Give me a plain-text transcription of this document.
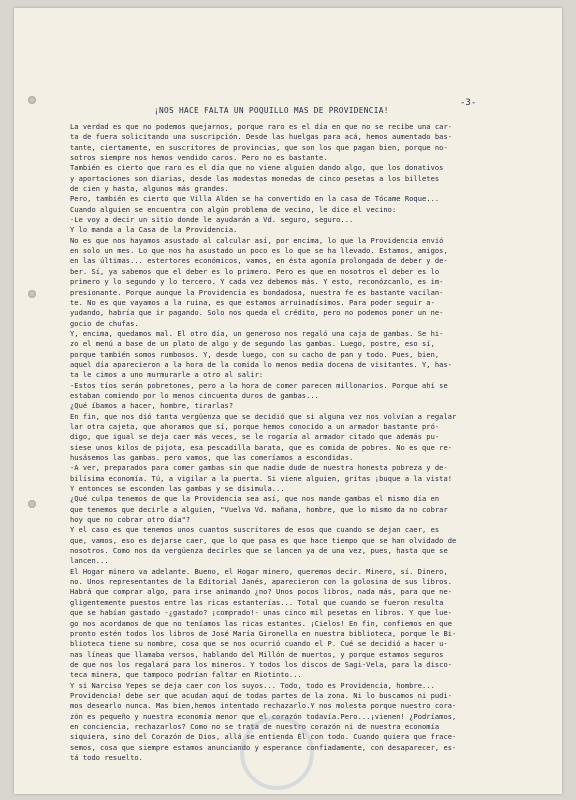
-3-
¡NOS HACE FALTA UN POQUILLO MAS DE PROVIDENCIA!
La verdad es que no podemos quejarnos, porque raro es el día en que no se recibe una car-
ta de fuera solicitando una suscripción. Desde las huelgas para acá, hemos aumentado bas-
tante, ciertamente, en suscritores de provincias, que son los que pagan bien, porque no-
sotros siempre nos hemos vendido caros. Pero no es bastante.
También es cierto que raro es el día que no viene alguien dando algo, que los donativos
y aportaciones son diarias, desde las modestas monedas de cinco pesetas a los billetes
de cien y hasta, algunos más grandes.
Pero, también es cierto que Villa Alden se ha convertido en la casa de Tócame Roque...
Cuando alguien se encuentra con algún problema de vecino, le dice el vecino:
-Le voy a decir un sitio donde le ayudarán a Vd. seguro, seguro...
Y lo manda a la Casa de la Providencia.
No es que nos hayamos asustado al calcular así, por encima, lo que la Providencia envió
en solo un mes. Lo que nos ha asustado un poco es lo que se ha llevado. Estamos, amigos,
en las últimas... estertores económicos, vamos, en ésta agonía prolongada de deber y de-
ber. Sí, ya sabemos que el deber es lo primero. Pero es que en nosotros el deber es lo
primero y lo segundo y lo tercero. Y cada vez debemos más. Y esto, reconózcanlo, es im-
presionante. Porque aunque la Providencia es bondadosa, nuestra fe es bastante vacilan-
te. No es que vayamos a la ruina, es que estamos arruinadísimos. Para poder seguir a-
yudando, habría que ir pagando. Solo nos queda el crédito, pero no podemos poner un ne-
gocio de chufas.
Y, encima, quedamos mal. El otro día, un generoso nos regaló una caja de gambas. Se hi-
zo el menú a base de un plato de algo y de segundo las gambas. Luego, postre, eso sí,
porque también somos rumbosos. Y, desde luego, con su cacho de pan y todo. Pues, bien,
aquel día aparecieron a la hora de la comida lo menos media docena de visitantes. Y, has-
ta le cimos a uno murmurarle a otro al salir:
-Estos tíos serán pobretones, pero a la hora de comer parecen millonarios. Porque ahí se
estaban comiendo por lo menos cincuenta duros de gambas...
¿Qué íbamos a hacer, hombre, tirarlas?
En fin, que nos dió tanta vergüenza que se decidió que si alguna vez nos volvían a regalar
lar otra cajeta, que ahoramos que sí, porque hemos conocido a un armador bastante pró-
digo, que igual se deja caer más veces, se le rogaría al armador citado que además pu-
siese unos kilos de pijota, esa pescadilla barata, que es comida de pobres. No es que re-
husásemos las gambas. pero vamos, que las comeríamos a escondidas.
-A ver, preparados para comer gambas sin que nadie dude de nuestra honesta pobreza y de-
bilísima economía. Tú, a vigilar a la puerta. Si viene alguien, gritas ¡buque a la vista!
Y entonces se esconden las gambas y se disimula...
¿Qué culpa tenemos de que la Providencia sea así, que nos mande gambas el mismo día en
que tenemos que decirle a alguien, "Vuelva Vd. mañana, hombre, que lo mismo da no cobrar
hoy que no cobrar otro día"?
Y el caso es que tenemos unos cuantos suscritores de esos que cuando se dejan caer, es
que, vamos, eso es dejarse caer, que lo que pasa es que hace tiempo que se han olvidado de
nosotros. Como nos da vergüenza decirles que se lancen ya de una vez, pues, hasta que se
lancen...
El Hogar minero va adelante. Bueno, el Hogar minero, queremos decir. Minero, sí. Dinero,
no. Unos representantes de la Editorial Janés, aparecieron con la golosina de sus libros.
Habrá que comprar algo, para irse animando ¿no? Unos pocos libros, nada más, para que ne-
gligentemente puestos entre las ricas estanterías... Total que cuando se fueron resulta
que se habían gastado -¿gastado? ¡comprado!- unas cinco mil pesetas en libros. Y que lue-
go nos acordamos de que no teníamos las ricas estantes. ¡Cielos! En fin, confiemos en que
pronto estén todos los libros de José María Gironella en nuestra biblioteca, porque le Bi-
blioteca tiene su nombre, cosa que se nos ocurrió cuando el P. Cué se decidió a hacer u-
nas líneas que llamaba versos, hablando del Millón de muertos, y porque estamos seguros
de que nos los regalará para los mineros. Y todos los discos de Sagi-Vela, para la disco-
teca minera, que tampoco podrían faltar en Riotinto...
Y si Narciso Yepes se deja caer con los suyos... Todo, todo es Providencia, hombre...
Providencia! debe ser que acudan aquí de todas partes de la zona. Ni lo buscamos ni pudi-
mos desearlo nunca. Mas bien,hemos intentado rechazarlo.Y nos molesta porque nuestro cora-
zón es pequeño y nuestra economía menor que el corazón todavía.Pero...¡vienen! ¿Podríamos,
en conciencia, rechazarlos? Como no se trata de nuestro corazón ni de nuestra economía
siquiera, sino del Corazón de Dios, allá se entienda Él con todo. Cuando quiera que frace-
semos, cosa que siempre estamos anunciando y esperance confiadamente, con desaparecer, es-
tá todo resuelto.
